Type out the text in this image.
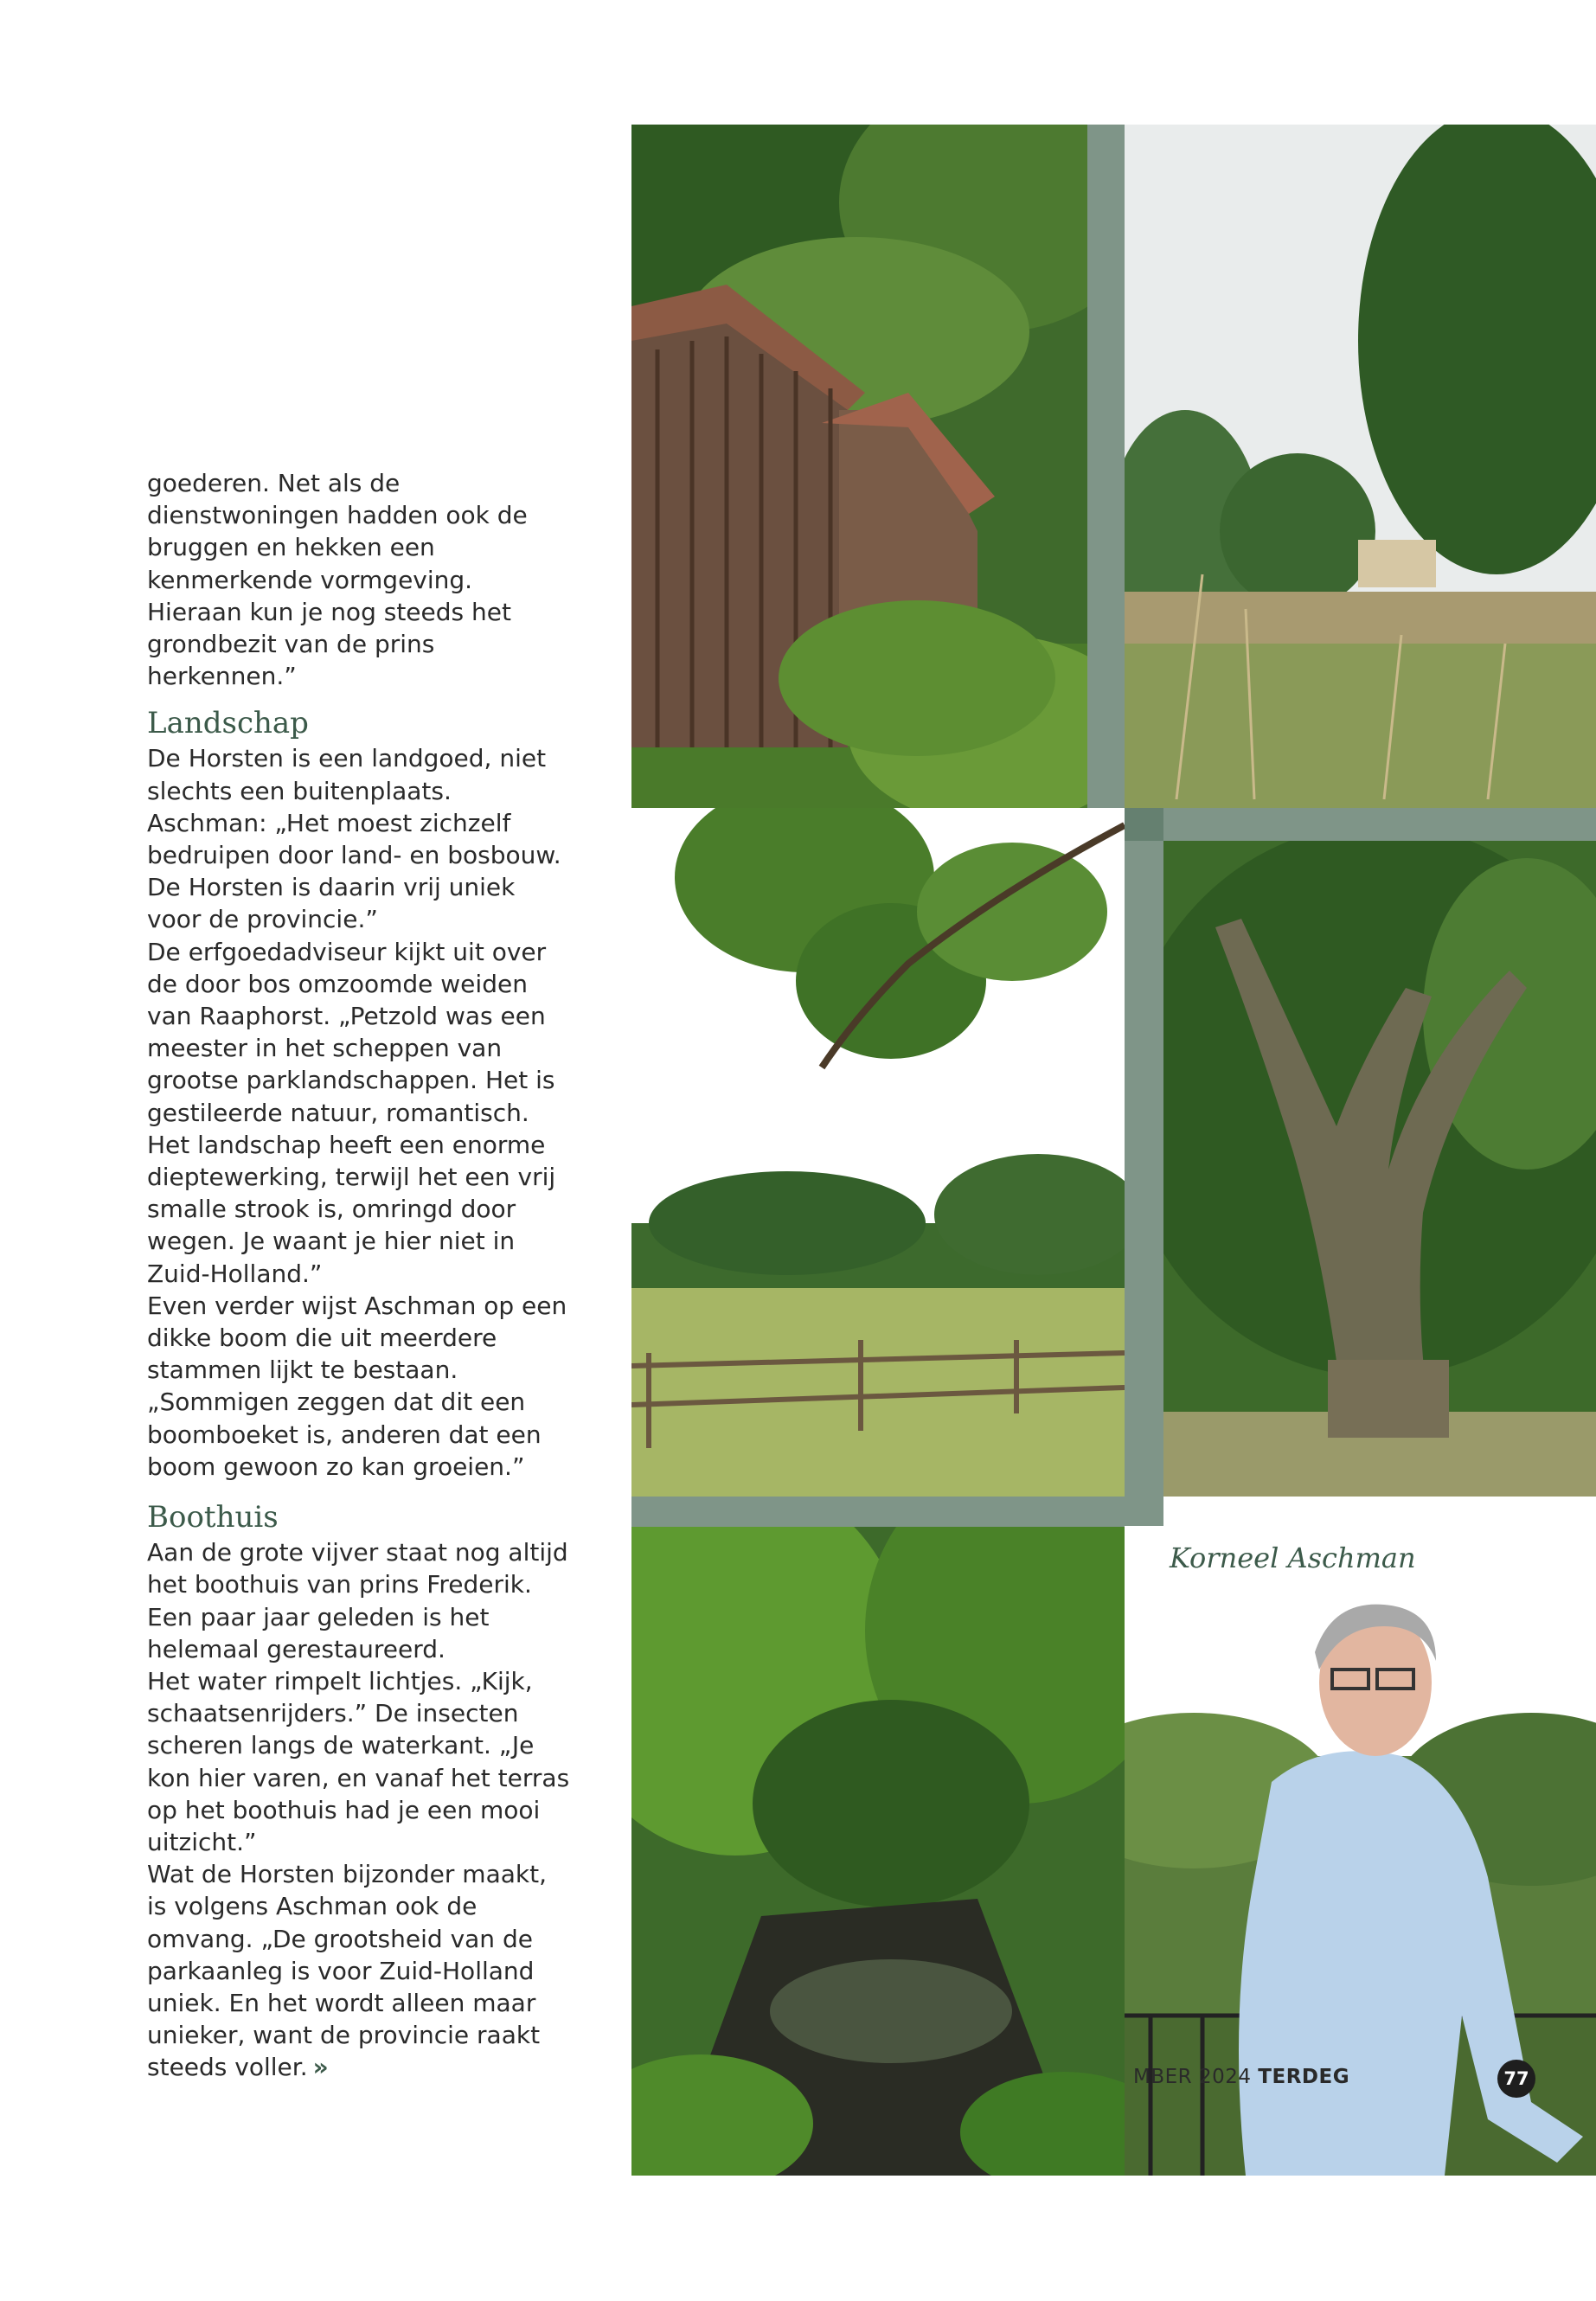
goederen. Net als de dienstwoningen hadden ook de bruggen en hekken een kenmerkende vormgeving. Hieraan kun je nog steeds het grondbezit van de prins herkennen.”

Landschap

De Horsten is een landgoed, niet slechts een buitenplaats. Aschman: „Het moest zichzelf bedruipen door land- en bosbouw. De Horsten is daarin vrij uniek voor de provincie.”

De erfgoedadviseur kijkt uit over de door bos omzoomde weiden van Raaphorst. „Petzold was een meester in het scheppen van grootse parklandschappen. Het is gestileerde natuur, romantisch. Het landschap heeft een enorme dieptewerking, terwijl het een vrij smalle strook is, omringd door wegen. Je waant je hier niet in Zuid-Holland.”

Even verder wijst Aschman op een dikke boom die uit meerdere stammen lijkt te bestaan. „Sommigen zeggen dat dit een boomboeket is, anderen dat een boom gewoon zo kan groeien.”

Boothuis

Aan de grote vijver staat nog altijd het boothuis van prins Frederik. Een paar jaar geleden is het helemaal gerestaureerd.

Het water rimpelt lichtjes. „Kijk, schaatsenrijders.” De insecten scheren langs de waterkant. „Je kon hier varen, en vanaf het terras op het boothuis had je een mooi uitzicht.”

Wat de Horsten bijzonder maakt, is volgens Aschman ook de omvang. „De grootsheid van de parkaanleg is voor Zuid-Holland uniek. En het wordt alleen maar unieker, want de provincie raakt steeds voller. »

Korneel Aschman
MBER 2024 TERDEG	77
